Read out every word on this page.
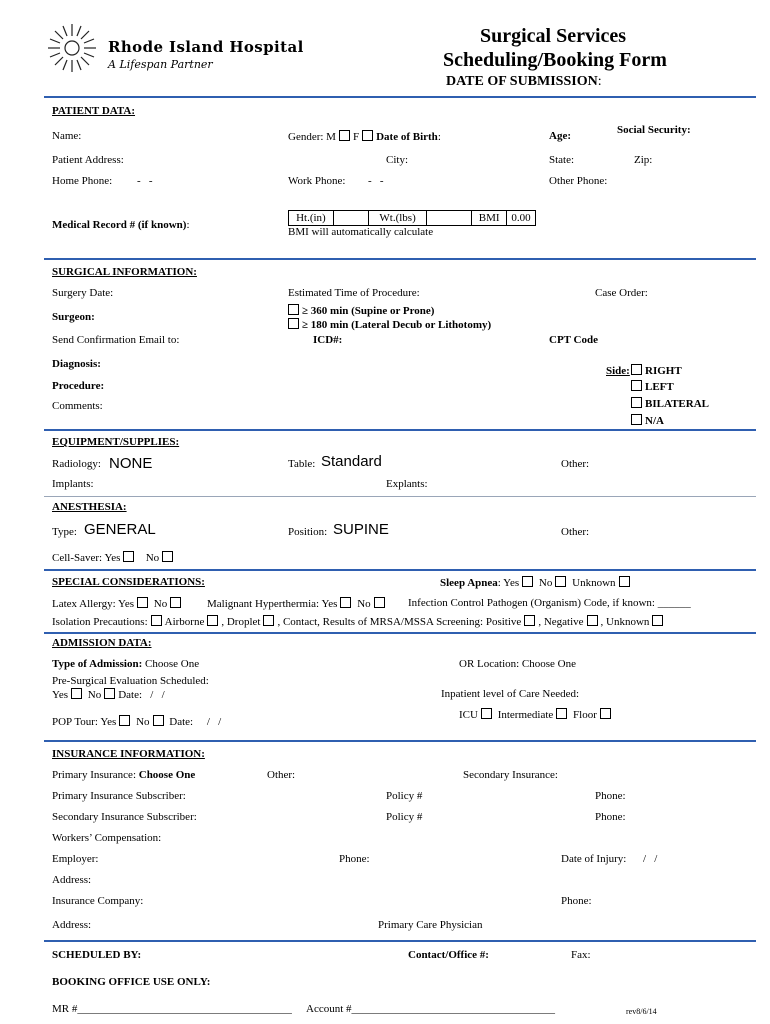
Rhode Island Hospital
A Lifespan Partner
Surgical Services
Scheduling/Booking Form
DATE OF SUBMISSION:
PATIENT DATA:
Name:	Gender: M F Date of Birth:	Age:	Social Security:
Patient Address:	City:	State:	Zip:
Home Phone: -   -	Work Phone: -   -	Other Phone:
Medical Record # (if known):
Ht.(in)	Wt.(lbs)	BMI	0.00
BMI will automatically calculate
SURGICAL INFORMATION:
Surgery Date:	Estimated Time of Procedure:	Case Order:
Surgeon:	≥ 360 min (Supine or Prone)
≥ 180 min (Lateral Decub or Lithotomy)
Send Confirmation Email to:	ICD#:	CPT Code
Diagnosis:
Procedure:
Comments:
Side:	RIGHT
LEFT
BILATERAL
N/A
EQUIPMENT/SUPPLIES:
Radiology: NONE	Table: Standard	Other:
Implants:	Explants:
ANESTHESIA:
Type: GENERAL	Position: SUPINE	Other:
Cell-Saver: Yes No
SPECIAL CONSIDERATIONS:	Sleep Apnea: Yes No Unknown
Latex Allergy: Yes No	Malignant Hyperthermia: Yes No	Infection Control Pathogen (Organism) Code, if known: ______
Isolation Precautions: Airborne , Droplet , Contact, Results of MRSA/MSSA Screening: Positive , Negative , Unknown
ADMISSION DATA:
Type of Admission: Choose One	OR Location: Choose One
Pre-Surgical Evaluation Scheduled:
Yes No Date: /   /	Inpatient level of Care Needed:
POP Tour: Yes No Date: /   /
ICU Intermediate Floor
INSURANCE INFORMATION:
Primary Insurance: Choose One	Other:	Secondary Insurance:
Primary Insurance Subscriber:	Policy #	Phone:
Secondary Insurance Subscriber:	Policy #	Phone:
Workers’ Compensation:
Employer:	Phone:	Date of Injury: /   /
Address:
Insurance Company:	Phone:
Address:	Primary Care Physician
SCHEDULED BY:	Contact/Office #:	Fax:
BOOKING OFFICE USE ONLY:
MR #_______________________________________ Account #_____________________________________	rev8/6/14
